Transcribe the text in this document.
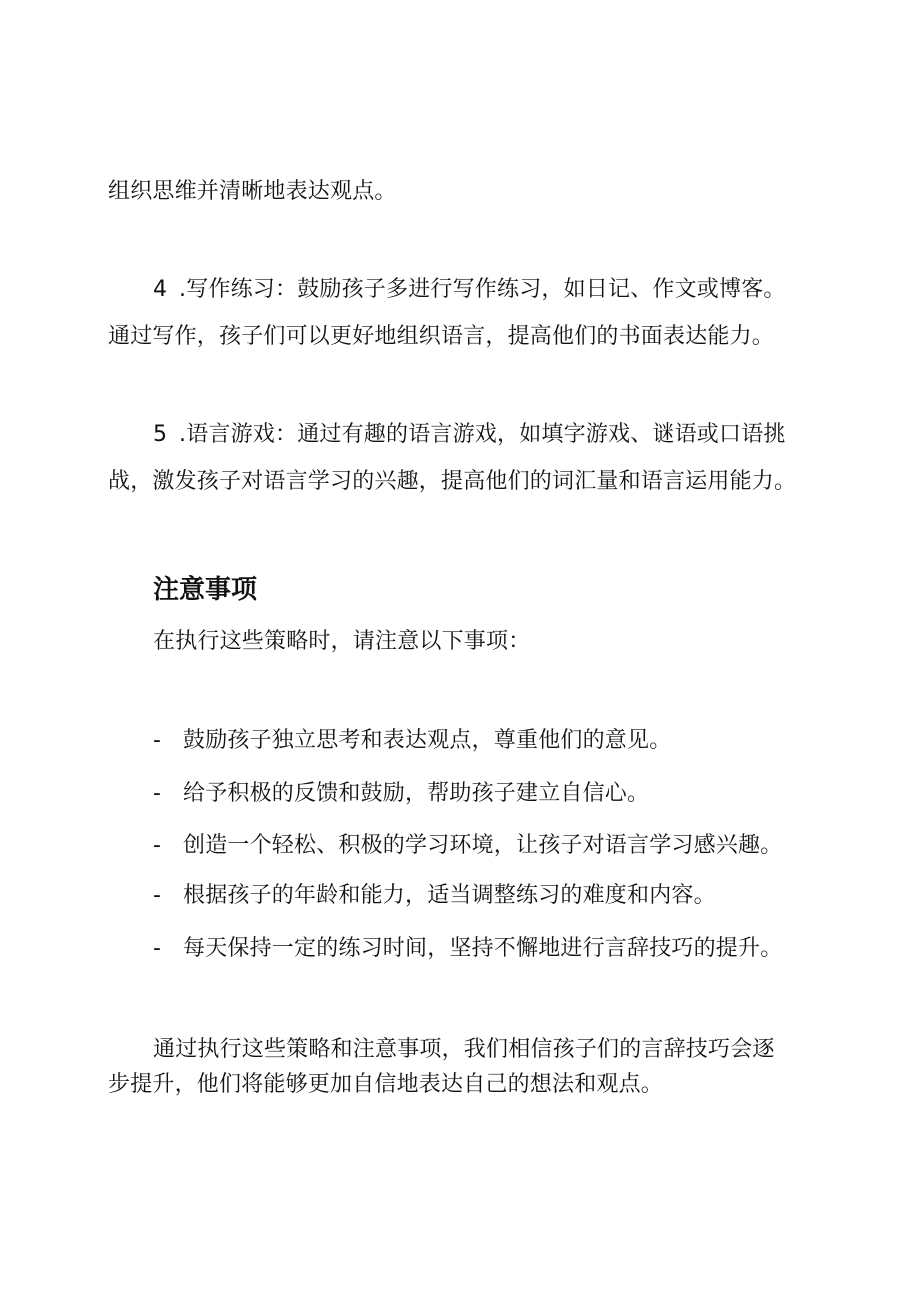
组织思维并清晰地表达观点。
4 .写作练习：鼓励孩子多进行写作练习，如日记、作文或博客。
通过写作，孩子们可以更好地组织语言，提高他们的书面表达能力。
5 .语言游戏：通过有趣的语言游戏，如填字游戏、谜语或口语挑
战，激发孩子对语言学习的兴趣，提高他们的词汇量和语言运用能力。
注意事项
在执行这些策略时，请注意以下事项：
- 鼓励孩子独立思考和表达观点，尊重他们的意见。
- 给予积极的反馈和鼓励，帮助孩子建立自信心。
- 创造一个轻松、积极的学习环境，让孩子对语言学习感兴趣。
- 根据孩子的年龄和能力，适当调整练习的难度和内容。
- 每天保持一定的练习时间，坚持不懈地进行言辞技巧的提升。
通过执行这些策略和注意事项，我们相信孩子们的言辞技巧会逐
步提升，他们将能够更加自信地表达自己的想法和观点。
